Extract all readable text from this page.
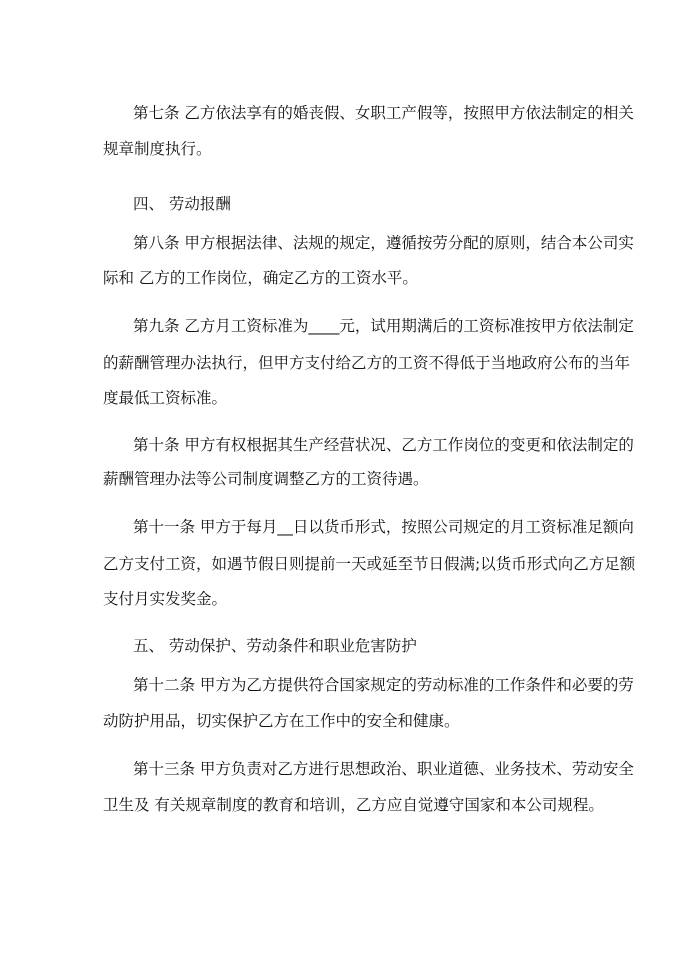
第七条 乙方依法享有的婚丧假、女职工产假等，按照甲方依法制定的相关
规章制度执行。
四、 劳动报酬
第八条 甲方根据法律、法规的规定，遵循按劳分配的原则，结合本公司实
际和 乙方的工作岗位，确定乙方的工资水平。
第九条 乙方月工资标准为____元，试用期满后的工资标准按甲方依法制定
的薪酬管理办法执行，但甲方支付给乙方的工资不得低于当地政府公布的当年
度最低工资标准。
第十条 甲方有权根据其生产经营状况、乙方工作岗位的变更和依法制定的
薪酬管理办法等公司制度调整乙方的工资待遇。
第十一条 甲方于每月__日以货币形式，按照公司规定的月工资标准足额向
乙方支付工资，如遇节假日则提前一天或延至节日假满;以货币形式向乙方足额
支付月实发奖金。
五、 劳动保护、劳动条件和职业危害防护
第十二条 甲方为乙方提供符合国家规定的劳动标准的工作条件和必要的劳
动防护用品，切实保护乙方在工作中的安全和健康。
第十三条 甲方负责对乙方进行思想政治、职业道德、业务技术、劳动安全
卫生及 有关规章制度的教育和培训，乙方应自觉遵守国家和本公司规程。
